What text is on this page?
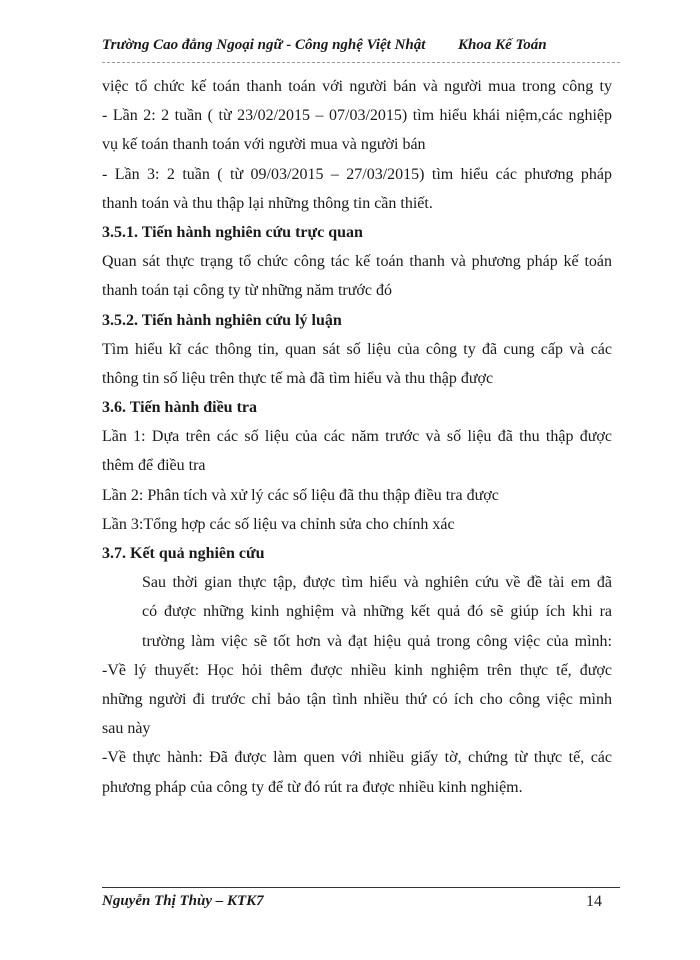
Trường Cao đẳng Ngoại ngữ - Công nghệ Việt Nhật Khoa Kế Toán
việc tổ chức kế toán thanh toán với người bán và người mua trong công ty
- Lần 2: 2 tuần ( từ 23/02/2015 – 07/03/2015) tìm hiểu khái niệm,các nghiệp
vụ kế toán thanh toán với người mua và người bán
- Lần 3: 2 tuần ( từ 09/03/2015 – 27/03/2015) tìm hiểu các phương pháp
thanh toán và thu thập lại những thông tin cần thiết.
3.5.1. Tiến hành nghiên cứu trực quan
Quan sát thực trạng tổ chức công tác kế toán thanh và phương pháp kế toán
thanh toán tại công ty từ những năm trước đó
3.5.2. Tiến hành nghiên cứu lý luận
Tìm hiểu kĩ các thông tin, quan sát số liệu của công ty đã cung cấp và các
thông tin số liệu trên thực tế mà đã tìm hiểu và thu thập được
3.6. Tiến hành điều tra
Lần 1: Dựa trên các số liệu của các năm trước và số liệu đã thu thập được
thêm để điều tra
Lần 2: Phân tích và xử lý các số liệu đã thu thập điều tra được
Lần 3:Tổng hợp các số liệu va chỉnh sửa cho chính xác
3.7. Kết quả nghiên cứu
Sau thời gian thực tập, được tìm hiểu và nghiên cứu về đề tài em đã
có được những kinh nghiệm và những kết quả đó sẽ giúp ích khi ra
trường làm việc sẽ tốt hơn và đạt hiệu quả trong công việc của mình:
-Về lý thuyết: Học hỏi thêm được nhiều kinh nghiệm trên thực tế, được
những người đi trước chỉ bảo tận tình nhiều thứ có ích cho công việc mình
sau này
-Về thực hành: Đã được làm quen với nhiều giấy tờ, chứng từ thực tế, các
phương pháp của công ty để từ đó rút ra được nhiều kinh nghiệm.
Nguyễn Thị Thùy – KTK7	14
